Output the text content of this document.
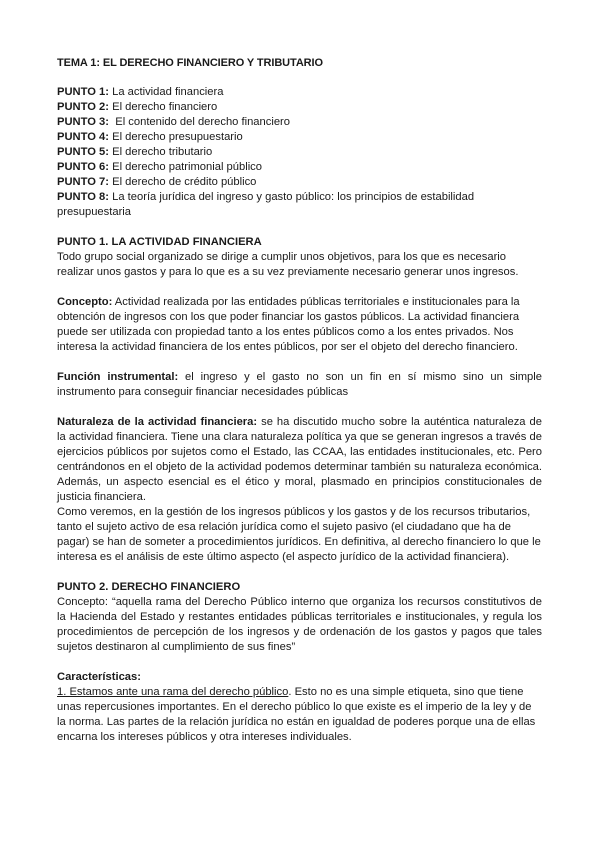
TEMA 1: EL DERECHO FINANCIERO Y TRIBUTARIO

PUNTO 1: La actividad financiera

PUNTO 2: El derecho financiero

PUNTO 3:  El contenido del derecho financiero

PUNTO 4: El derecho presupuestario

PUNTO 5: El derecho tributario

PUNTO 6: El derecho patrimonial público

PUNTO 7: El derecho de crédito público

PUNTO 8: La teoría jurídica del ingreso y gasto público: los principios de estabilidad presupuestaria

PUNTO 1. LA ACTIVIDAD FINANCIERA

Todo grupo social organizado se dirige a cumplir unos objetivos, para los que es necesario realizar unos gastos y para lo que es a su vez previamente necesario generar unos ingresos.

Concepto: Actividad realizada por las entidades públicas territoriales e institucionales para la obtención de ingresos con los que poder financiar los gastos públicos. La actividad financiera puede ser utilizada con propiedad tanto a los entes públicos como a los entes privados. Nos interesa la actividad financiera de los entes públicos, por ser el objeto del derecho financiero.

Función instrumental: el ingreso y el gasto no son un fin en sí mismo sino un simple instrumento para conseguir financiar necesidades públicas

Naturaleza de la actividad financiera: se ha discutido mucho sobre la auténtica naturaleza de la actividad financiera. Tiene una clara naturaleza política ya que se generan ingresos a través de ejercicios públicos por sujetos como el Estado, las CCAA, las entidades institucionales, etc. Pero centrándonos en el objeto de la actividad podemos determinar también su naturaleza económica. Además, un aspecto esencial es el ético y moral, plasmado en principios constitucionales de justicia financiera.

Como veremos, en la gestión de los ingresos públicos y los gastos y de los recursos tributarios, tanto el sujeto activo de esa relación jurídica como el sujeto pasivo (el ciudadano que ha de pagar) se han de someter a procedimientos jurídicos. En definitiva, al derecho financiero lo que le interesa es el análisis de este último aspecto (el aspecto jurídico de la actividad financiera).

PUNTO 2. DERECHO FINANCIERO

Concepto: “aquella rama del Derecho Público interno que organiza los recursos constitutivos de la Hacienda del Estado y restantes entidades públicas territoriales e institucionales, y regula los procedimientos de percepción de los ingresos y de ordenación de los gastos y pagos que tales sujetos destinaron al cumplimiento de sus fines”

Características:

1. Estamos ante una rama del derecho público. Esto no es una simple etiqueta, sino que tiene unas repercusiones importantes. En el derecho público lo que existe es el imperio de la ley y de la norma. Las partes de la relación jurídica no están en igualdad de poderes porque una de ellas encarna los intereses públicos y otra intereses individuales.
